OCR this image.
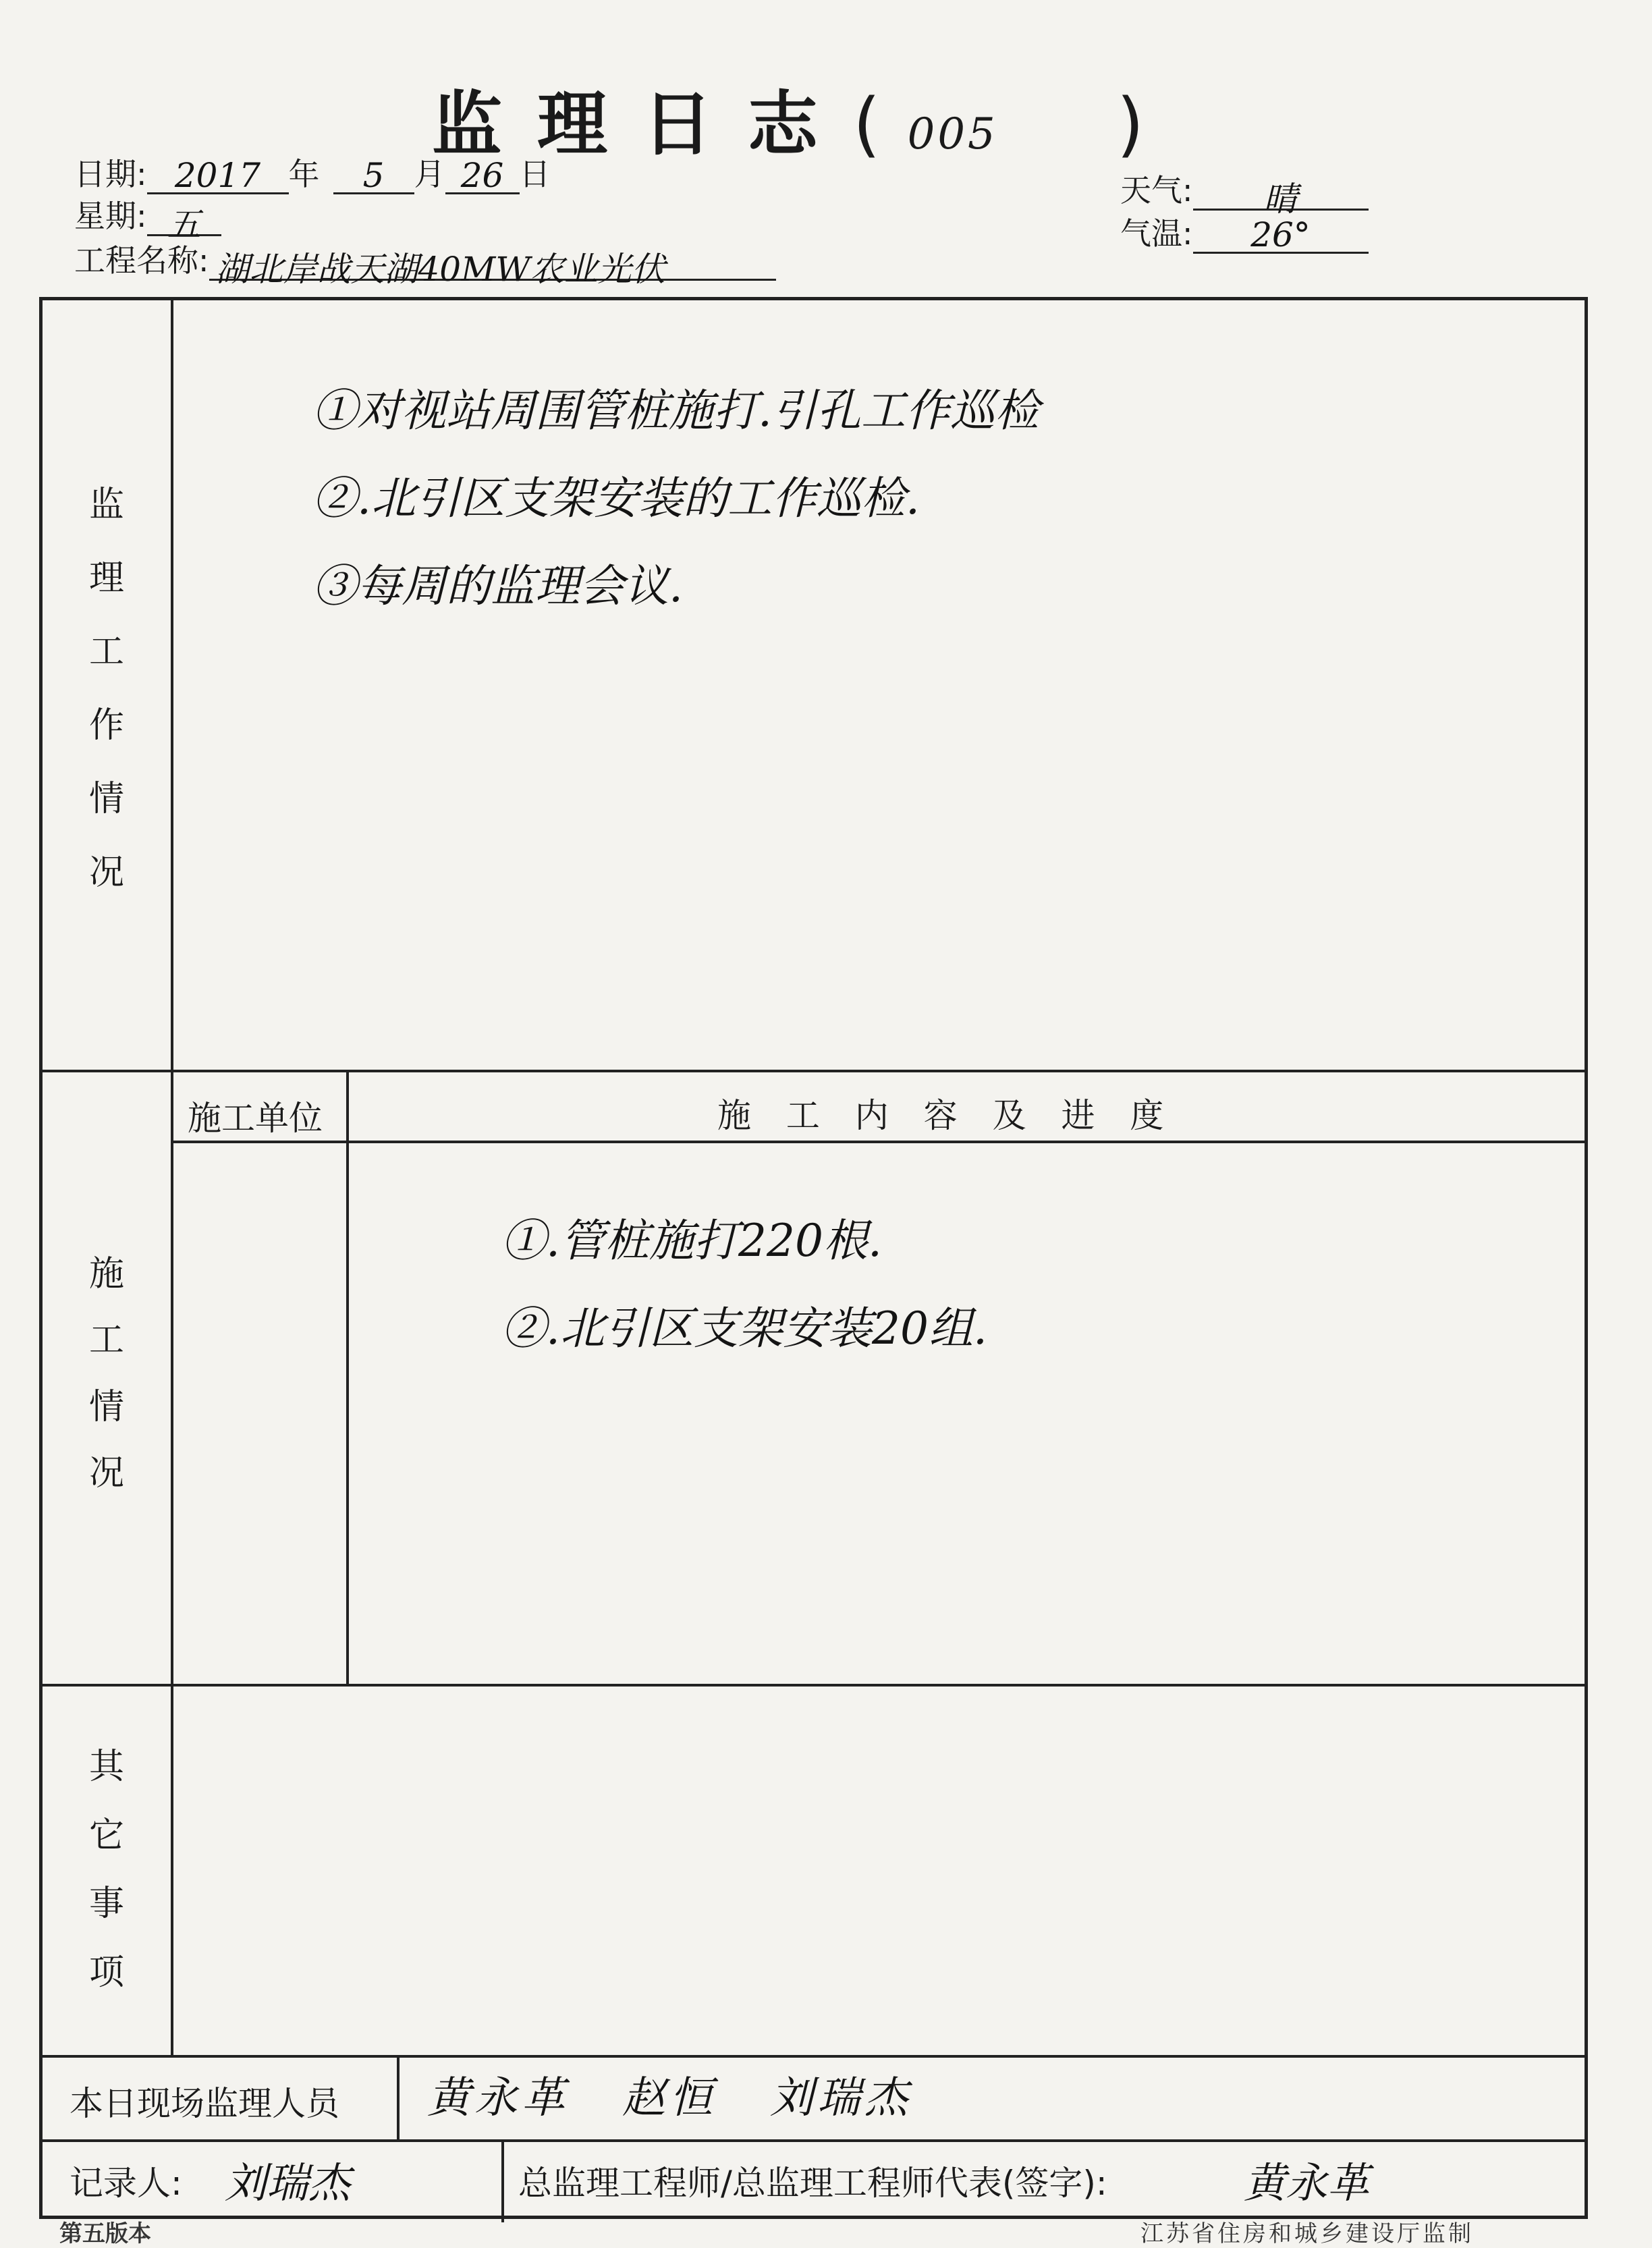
监理日志( 005 )
日期: 2017 年 5 月 26 日
星期: 五
工程名称: 湖北岸战天湖40MW农业光伏
天气: 晴
气温: 26°
监
理
工
作
情
况
①对视站周围管桩施打.引孔工作巡检
②.北引区支架安装的工作巡检.
③每周的监理会议.
施工单位	施 工 内 容 及 进 度
施
工
情
况
①.管桩施打220根.
②.北引区支架安装20组.
其
它
事
项
本日现场监理人员 黄永革   赵恒   刘瑞杰
记录人: 刘瑞杰	总监理工程师/总监理工程师代表(签字):	黄永革
第五版本	江苏省住房和城乡建设厅监制
